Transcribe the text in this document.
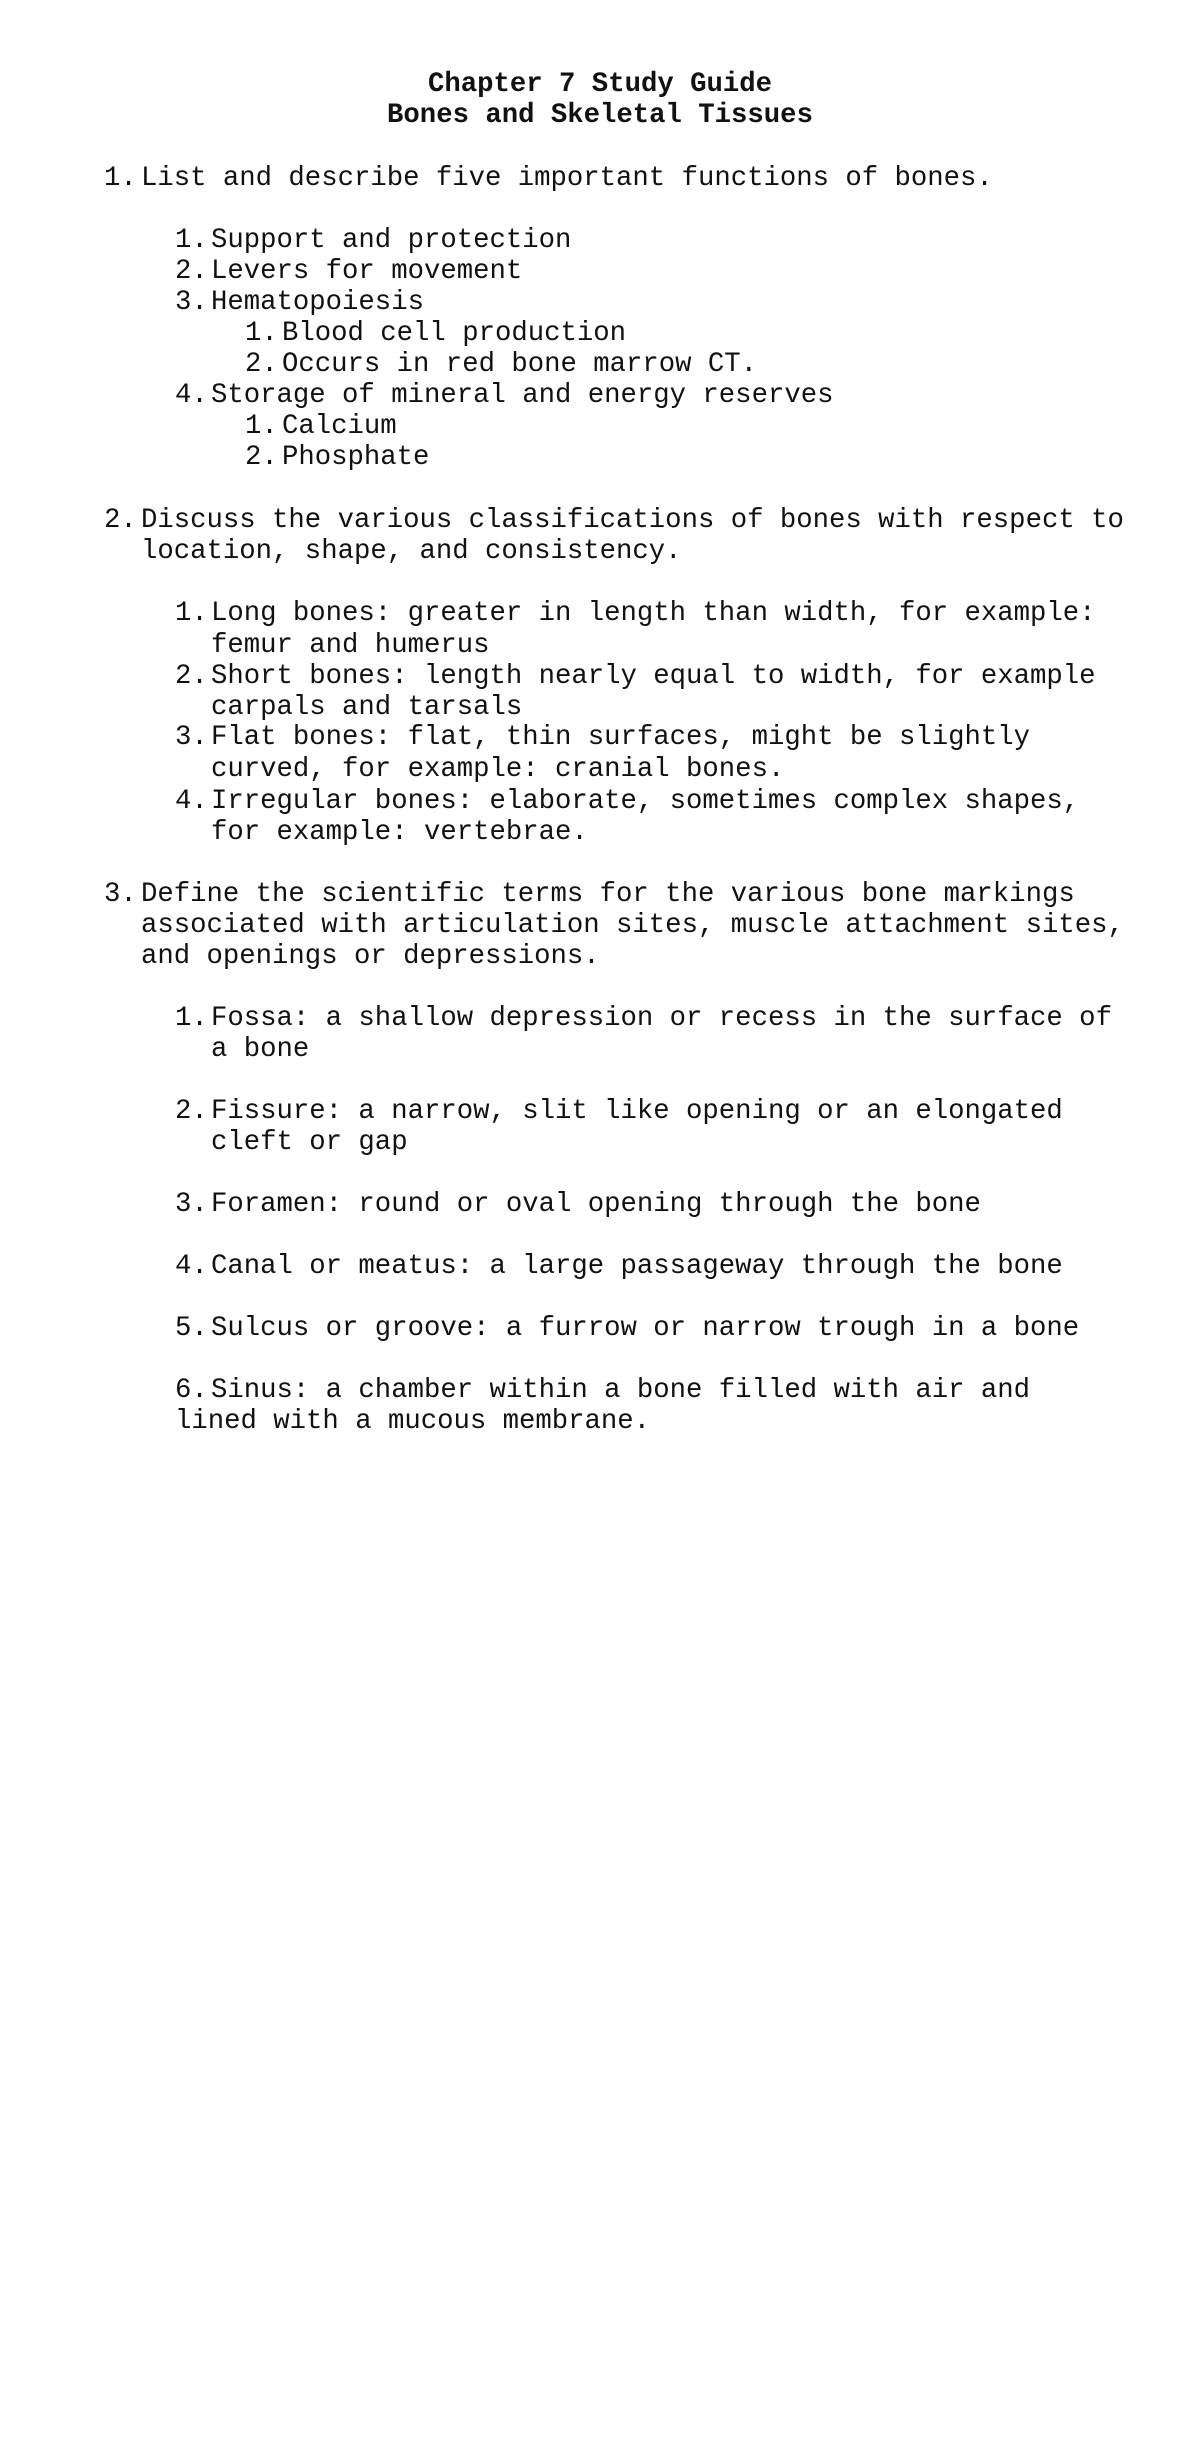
Chapter 7 Study Guide

Bones and Skeletal Tissues

1.

List and describe five important functions of bones.

1.

Support and protection

2.

Levers for movement

3.

Hematopoiesis

1.

Blood cell production

2.

Occurs in red bone marrow CT.

4.

Storage of mineral and energy reserves

1.

Calcium

2.

Phosphate

2.

Discuss the various classifications of bones with respect to

location, shape, and consistency.

1.

Long bones: greater in length than width, for example:

femur and humerus

2.

Short bones: length nearly equal to width, for example

carpals and tarsals

3.

Flat bones: flat, thin surfaces, might be slightly

curved, for example: cranial bones.

4.

Irregular bones: elaborate, sometimes complex shapes,

for example: vertebrae.

3.

Define the scientific terms for the various bone markings

associated with articulation sites, muscle attachment sites,

and openings or depressions.

1.

Fossa: a shallow depression or recess in the surface of

a bone

2.

Fissure: a narrow, slit like opening or an elongated

cleft or gap

3.

Foramen: round or oval opening through the bone

4.

Canal or meatus: a large passageway through the bone

5.

Sulcus or groove: a furrow or narrow trough in a bone

6.

Sinus: a chamber within a bone filled with air and

lined with a mucous membrane.
